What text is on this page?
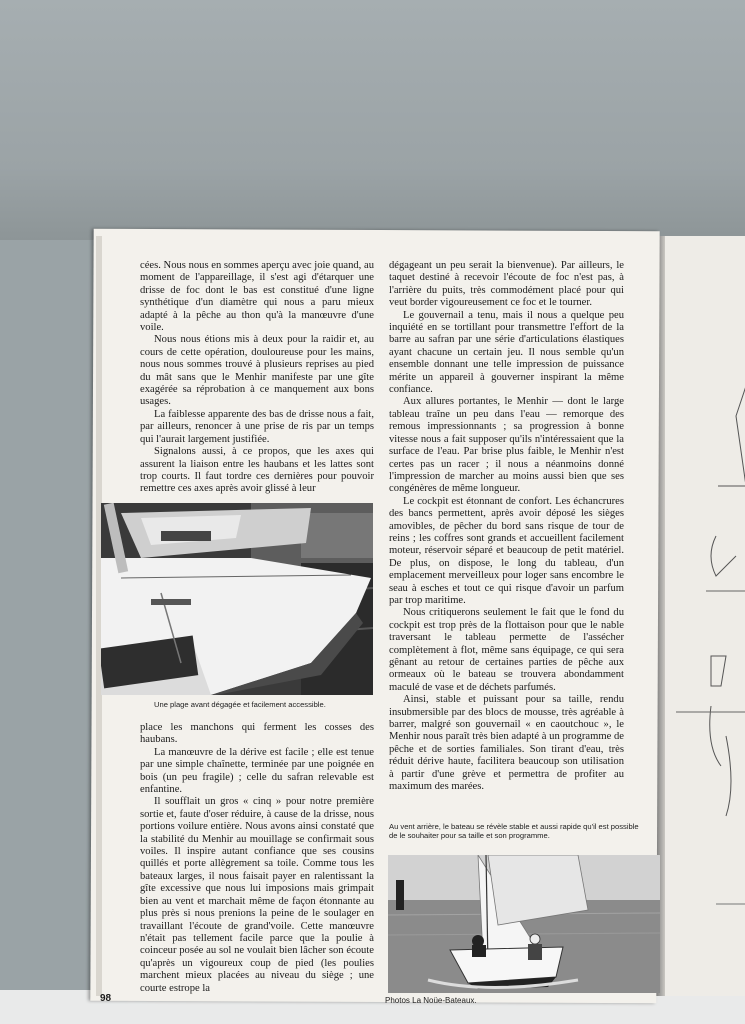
cées. Nous nous en sommes aperçu avec joie quand, au moment de l'appareillage, il s'est agi d'étarquer une drisse de foc dont le bas est constitué d'une ligne synthétique d'un diamètre qui nous a paru mieux adapté à la pêche au thon qu'à la manœuvre d'une voile.

Nous nous étions mis à deux pour la raidir et, au cours de cette opération, douloureuse pour les mains, nous nous sommes trouvé à plusieurs reprises au pied du mât sans que le Menhir manifeste par une gîte exagérée sa réprobation à ce manquement aux bons usages.

La faiblesse apparente des bas de drisse nous a fait, par ailleurs, renoncer à une prise de ris par un temps qui l'aurait largement justifiée.

Signalons aussi, à ce propos, que les axes qui assurent la liaison entre les haubans et les lattes sont trop courts. Il faut tordre ces dernières pour pouvoir remettre ces axes après avoir glissé à leur

Une plage avant dégagée et facilement accessible.

place les manchons qui ferment les cosses des haubans.

La manœuvre de la dérive est facile ; elle est tenue par une simple chaînette, terminée par une poignée en bois (un peu fragile) ; celle du safran relevable est enfantine.

Il soufflait un gros « cinq » pour notre première sortie et, faute d'oser réduire, à cause de la drisse, nous portions voilure entière. Nous avons ainsi constaté que la stabilité du Menhir au mouillage se confirmait sous voiles. Il inspire autant confiance que ses cousins quillés et porte allègrement sa toile. Comme tous les bateaux larges, il nous faisait payer en ralentissant la gîte excessive que nous lui imposions mais grimpait bien au vent et marchait même de façon étonnante au plus près si nous prenions la peine de le soulager en travaillant l'écoute de grand'voile. Cette manœuvre n'était pas tellement facile parce que la poulie à coinceur posée au sol ne voulait bien lâcher son écoute qu'après un vigoureux coup de pied (les poulies marchent mieux placées au niveau du siège ; une courte estrope la

dégageant un peu serait la bienvenue). Par ailleurs, le taquet destiné à recevoir l'écoute de foc n'est pas, à l'arrière du puits, très commodément placé pour qui veut border vigoureusement ce foc et le tourner.

Le gouvernail a tenu, mais il nous a quelque peu inquiété en se tortillant pour transmettre l'effort de la barre au safran par une série d'articulations élastiques ayant chacune un certain jeu. Il nous semble qu'un ensemble donnant une telle impression de puissance mérite un appareil à gouverner inspirant la même confiance.

Aux allures portantes, le Menhir — dont le large tableau traîne un peu dans l'eau — remorque des remous impressionnants ; sa progression à bonne vitesse nous a fait supposer qu'ils n'intéressaient que la surface de l'eau. Par brise plus faible, le Menhir n'est certes pas un racer ; il nous a néanmoins donné l'impression de marcher au moins aussi bien que ses congénères de même longueur.

Le cockpit est étonnant de confort. Les échancrures des bancs permettent, après avoir déposé les sièges amovibles, de pêcher du bord sans risque de tour de reins ; les coffres sont grands et accueillent facilement moteur, réservoir séparé et beaucoup de petit matériel. De plus, on dispose, le long du tableau, d'un emplacement merveilleux pour loger sans encombre le seau à esches et tout ce qui risque d'avoir un parfum par trop maritime.

Nous critiquerons seulement le fait que le fond du cockpit est trop près de la flottaison pour que le nable traversant le tableau permette de l'assécher complètement à flot, même sans équipage, ce qui sera gênant au retour de certaines parties de pêche aux ormeaux où le bateau se trouvera abondamment maculé de vase et de déchets parfumés.

Ainsi, stable et puissant pour sa taille, rendu insubmersible par des blocs de mousse, très agréable à barrer, malgré son gouvernail « en caoutchouc », le Menhir nous paraît très bien adapté à un programme de pêche et de sorties familiales. Son tirant d'eau, très réduit dérive haute, facilitera beaucoup son utilisation à partir d'une grève et permettra de profiter au maximum des marées.

Au vent arrière, le bateau se révèle stable et aussi rapide qu'il est possible de le souhaiter pour sa taille et son programme.
Photos La Noüe-Bateaux.
98
